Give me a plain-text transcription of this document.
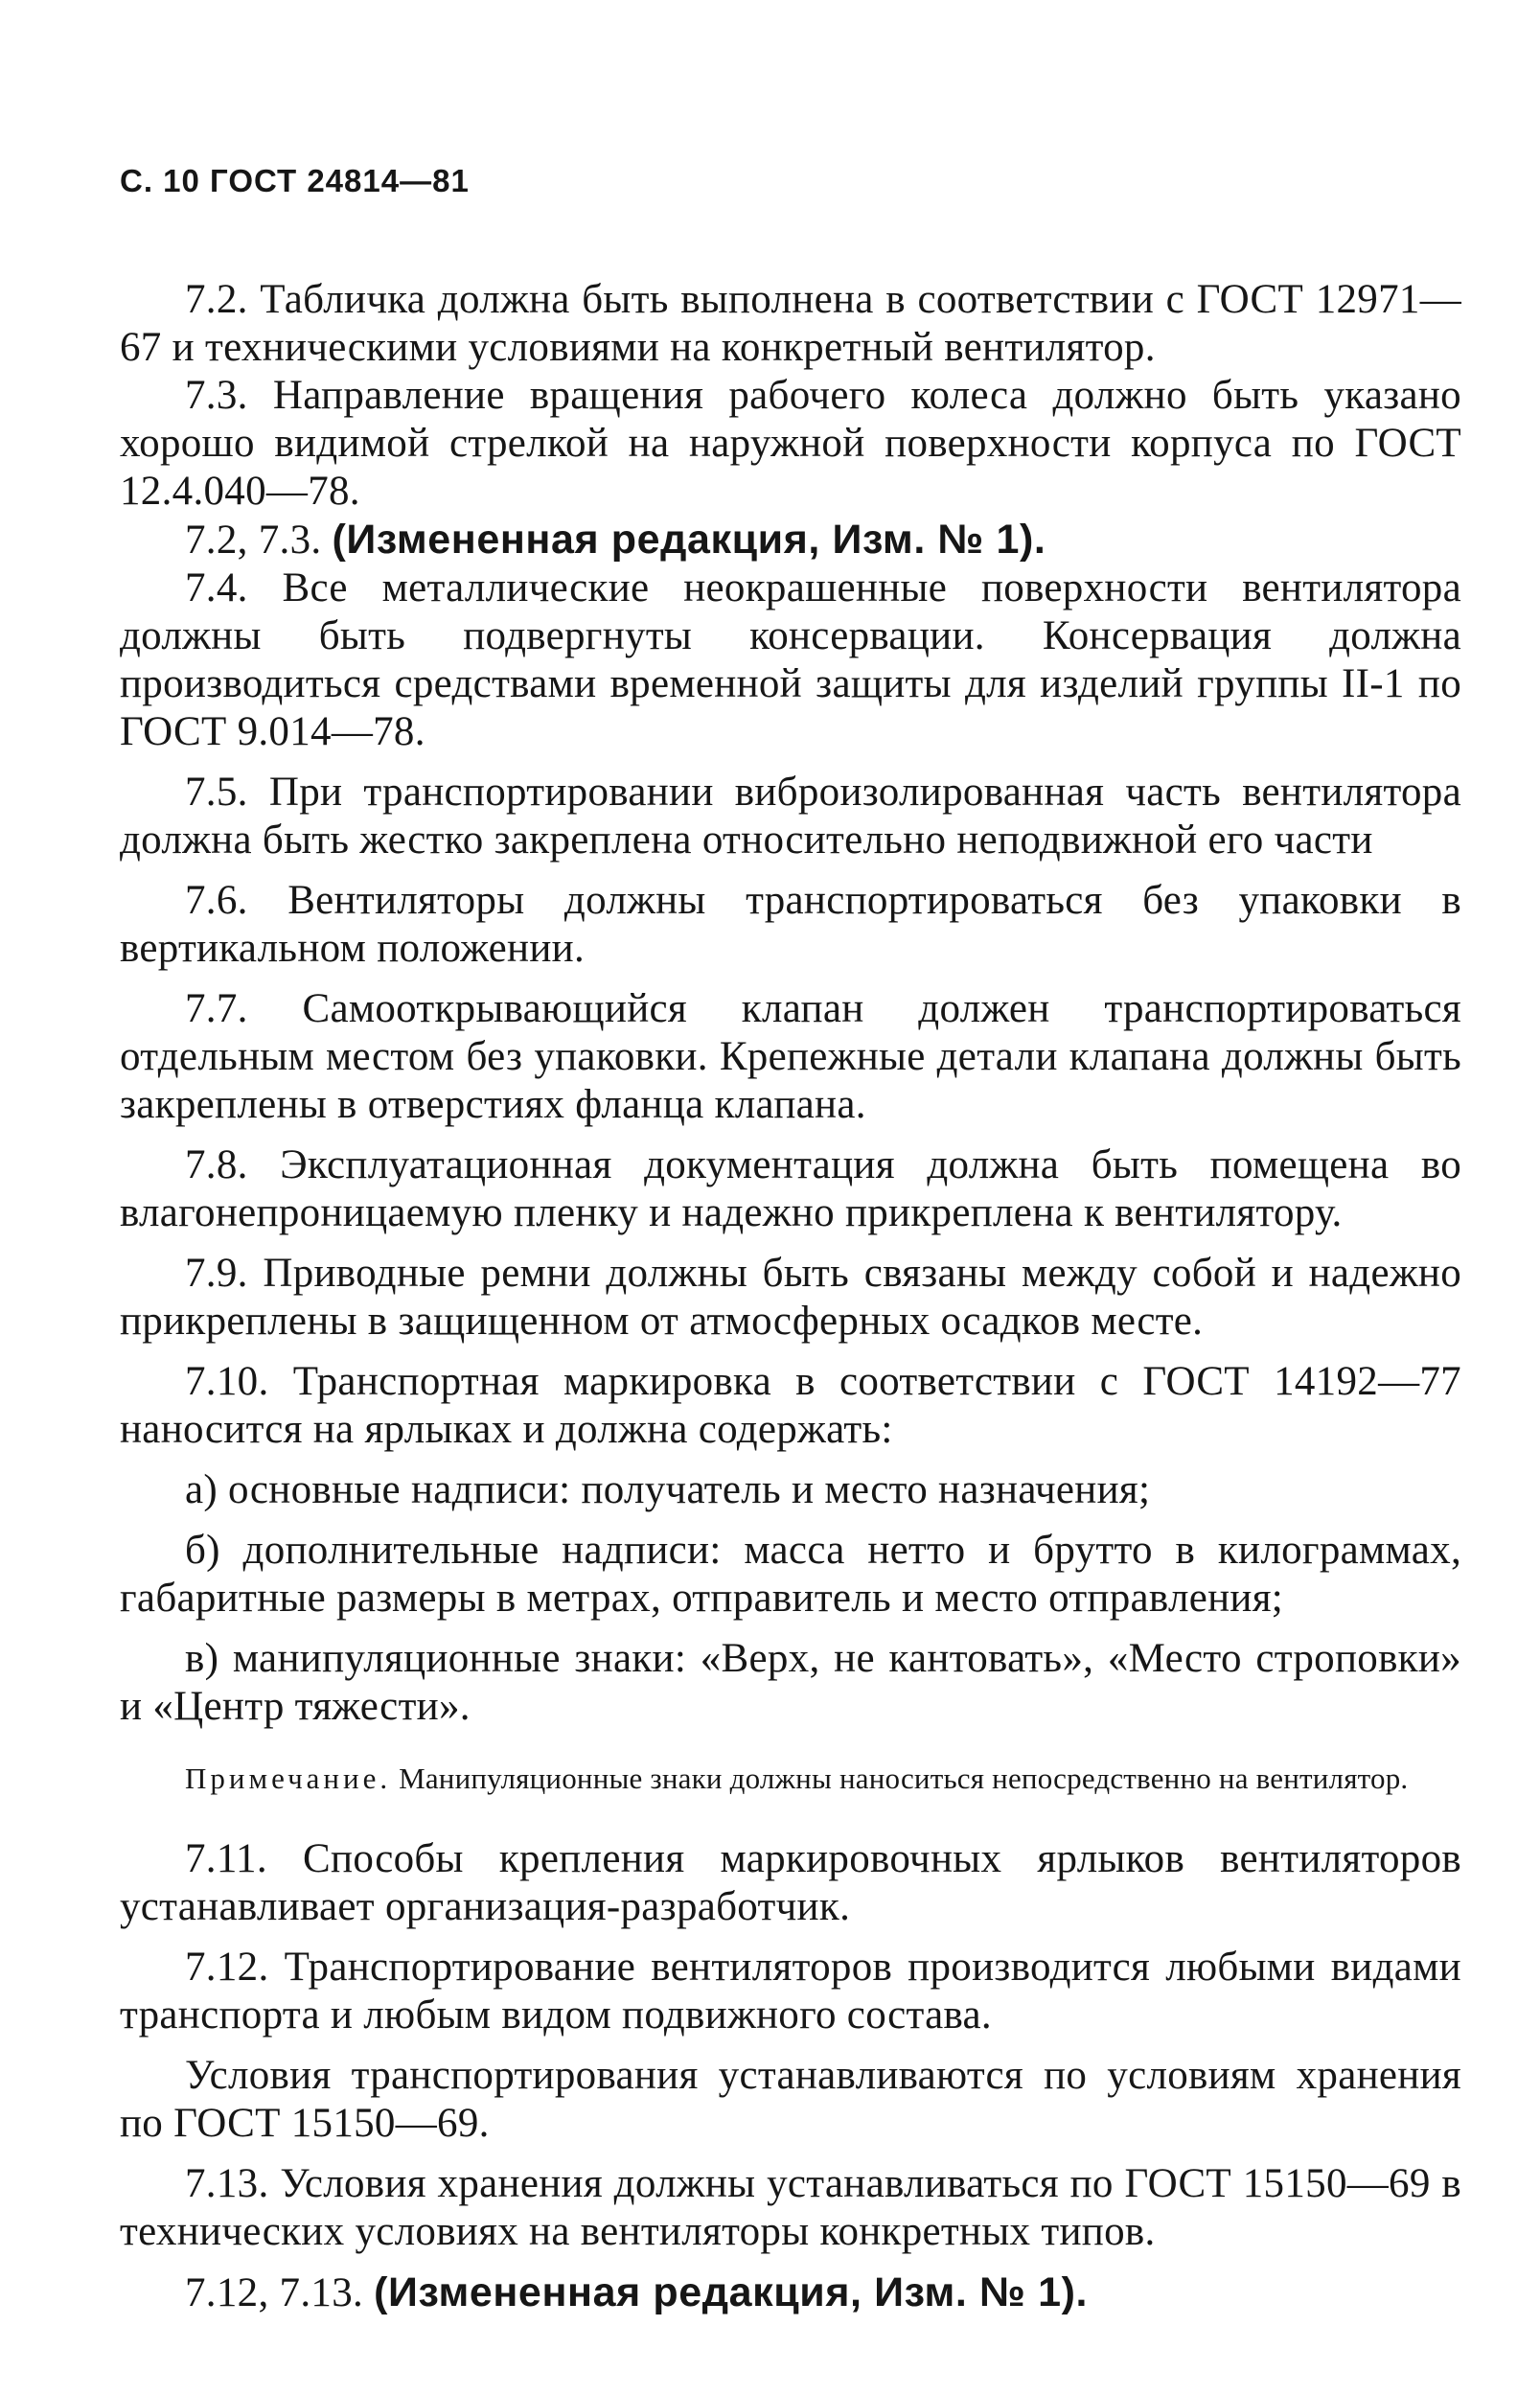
С. 10 ГОСТ 24814—81

7.2. Табличка должна быть выполнена в соответствии с ГОСТ 12971—67 и техническими условиями на конкретный вентилятор.

7.3. Направление вращения рабочего колеса должно быть указано хорошо видимой стрелкой на наружной поверхности корпуса по ГОСТ 12.4.040—78.

7.2, 7.3. (Измененная редакция, Изм. № 1).

7.4. Все металлические неокрашенные поверхности вентилятора должны быть подвергнуты консервации. Консервация должна производиться средствами временной защиты для изделий группы II-1 по ГОСТ 9.014—78.

7.5. При транспортировании виброизолированная часть вентилятора должна быть жестко закреплена относительно неподвижной его части

7.6. Вентиляторы должны транспортироваться без упаковки в вертикальном положении.

7.7. Самооткрывающийся клапан должен транспортироваться отдельным местом без упаковки. Крепежные детали клапана должны быть закреплены в отверстиях фланца клапана.

7.8. Эксплуатационная документация должна быть помещена во влагонепроницаемую пленку и надежно прикреплена к вентилятору.

7.9. Приводные ремни должны быть связаны между собой и надежно прикреплены в защищенном от атмосферных осадков месте.

7.10. Транспортная маркировка в соответствии с ГОСТ 14192—77 наносится на ярлыках и должна содержать:

а) основные надписи: получатель и место назначения;

б) дополнительные надписи: масса нетто и брутто в килограммах, габаритные размеры в метрах, отправитель и место отправления;

в) манипуляционные знаки: «Верх, не кантовать», «Место строповки» и «Центр тяжести».

Примечание. Манипуляционные знаки должны наноситься непосредственно на вентилятор.

7.11. Способы крепления маркировочных ярлыков вентиляторов устанавливает организация-разработчик.

7.12. Транспортирование вентиляторов производится любыми видами транспорта и любым видом подвижного состава.

Условия транспортирования устанавливаются по условиям хранения по ГОСТ 15150—69.

7.13. Условия хранения должны устанавливаться по ГОСТ 15150—69 в технических условиях на вентиляторы конкретных типов.

7.12, 7.13. (Измененная редакция, Изм. № 1).
